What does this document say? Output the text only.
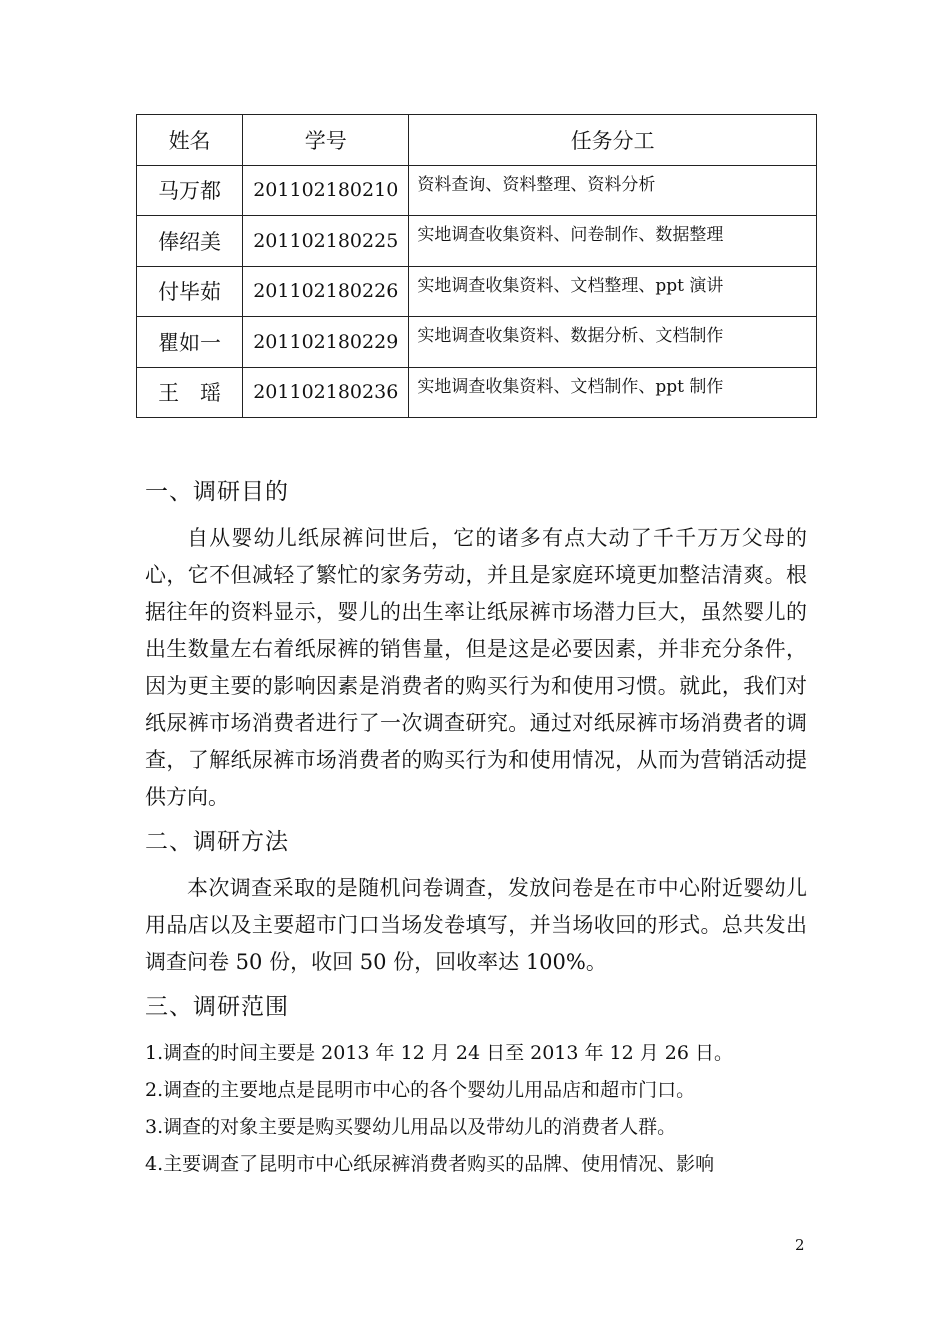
姓名	学号	任务分工
马万都	201102180210	资料查询、资料整理、资料分析
俸绍美	201102180225	实地调查收集资料、问卷制作、数据整理
付毕茹	201102180226	实地调查收集资料、文档整理、ppt 演讲
瞿如一	201102180229	实地调查收集资料、数据分析、文档制作
王　瑶	201102180236	实地调查收集资料、文档制作、ppt 制作
一、调研目的

自从婴幼儿纸尿裤问世后，它的诸多有点大动了千千万万父母的心，它不但减轻了繁忙的家务劳动，并且是家庭环境更加整洁清爽。根据往年的资料显示，婴儿的出生率让纸尿裤市场潜力巨大，虽然婴儿的出生数量左右着纸尿裤的销售量，但是这是必要因素，并非充分条件，因为更主要的影响因素是消费者的购买行为和使用习惯。就此，我们对纸尿裤市场消费者进行了一次调查研究。通过对纸尿裤市场消费者的调查，了解纸尿裤市场消费者的购买行为和使用情况，从而为营销活动提供方向。

二、调研方法

本次调查采取的是随机问卷调查，发放问卷是在市中心附近婴幼儿用品店以及主要超市门口当场发卷填写，并当场收回的形式。总共发出调查问卷 50 份，收回 50 份，回收率达 100%。

三、调研范围
1.调查的时间主要是 2013 年 12 月 24 日至 2013 年 12 月 26 日。
2.调查的主要地点是昆明市中心的各个婴幼儿用品店和超市门口。
3.调查的对象主要是购买婴幼儿用品以及带幼儿的消费者人群。
4.主要调查了昆明市中心纸尿裤消费者购买的品牌、使用情况、影响
2
